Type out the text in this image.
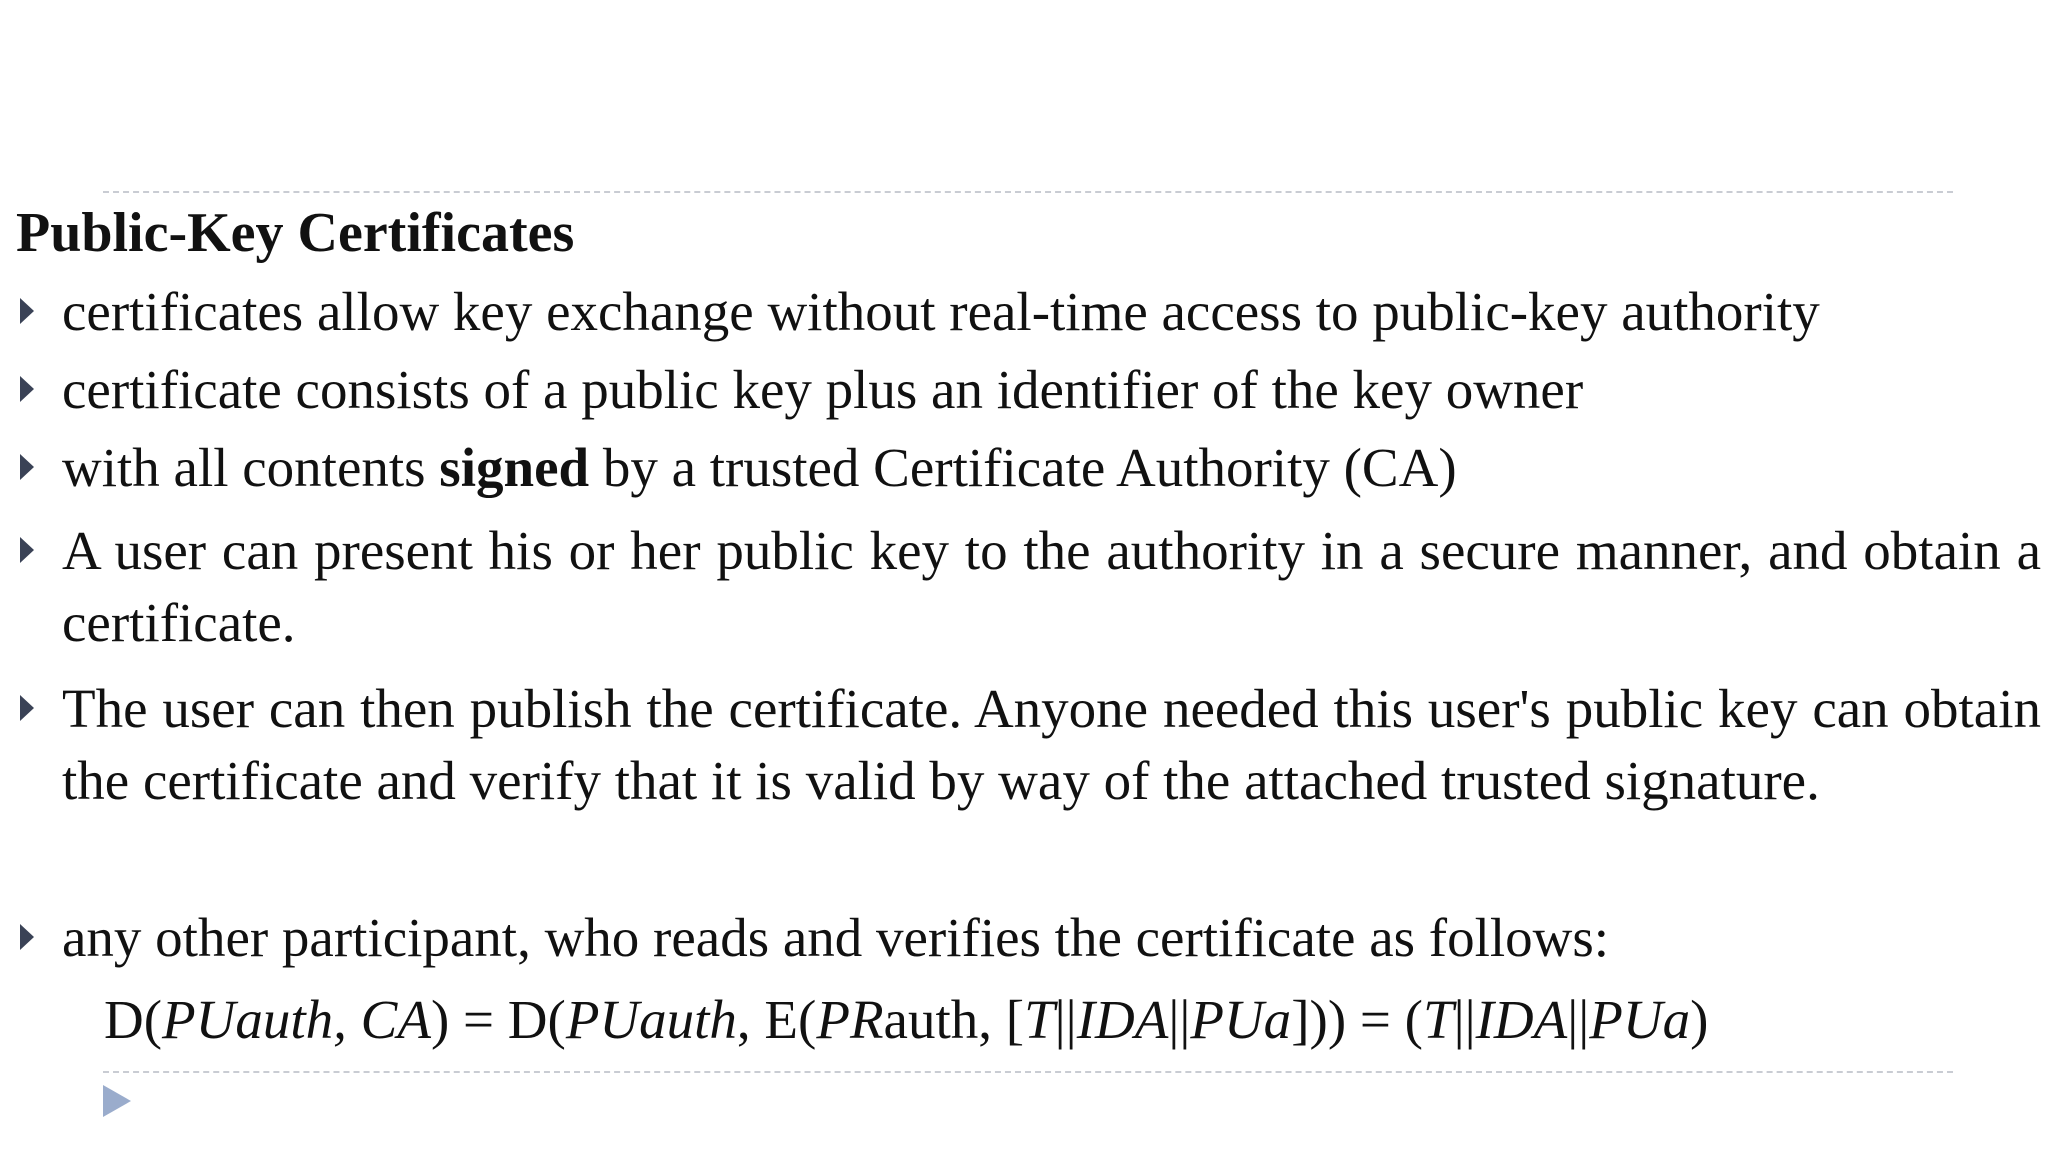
Public-Key Certificates
certificates allow key exchange without real-time access to public-key authority
certificate consists of a public key plus an identifier of the key owner
with all contents signed by a trusted Certificate Authority (CA)
A user can present his or her public key to the authority in a secure manner, and obtain a certificate.
The user can then publish the certificate. Anyone needed this user's public key can obtain the certificate and verify that it is valid by way of the attached trusted signature.
any other participant, who reads and verifies the certificate as follows:
D(PUauth, CA) = D(PUauth, E(PRauth, [T||IDA||PUa])) = (T||IDA||PUa)
